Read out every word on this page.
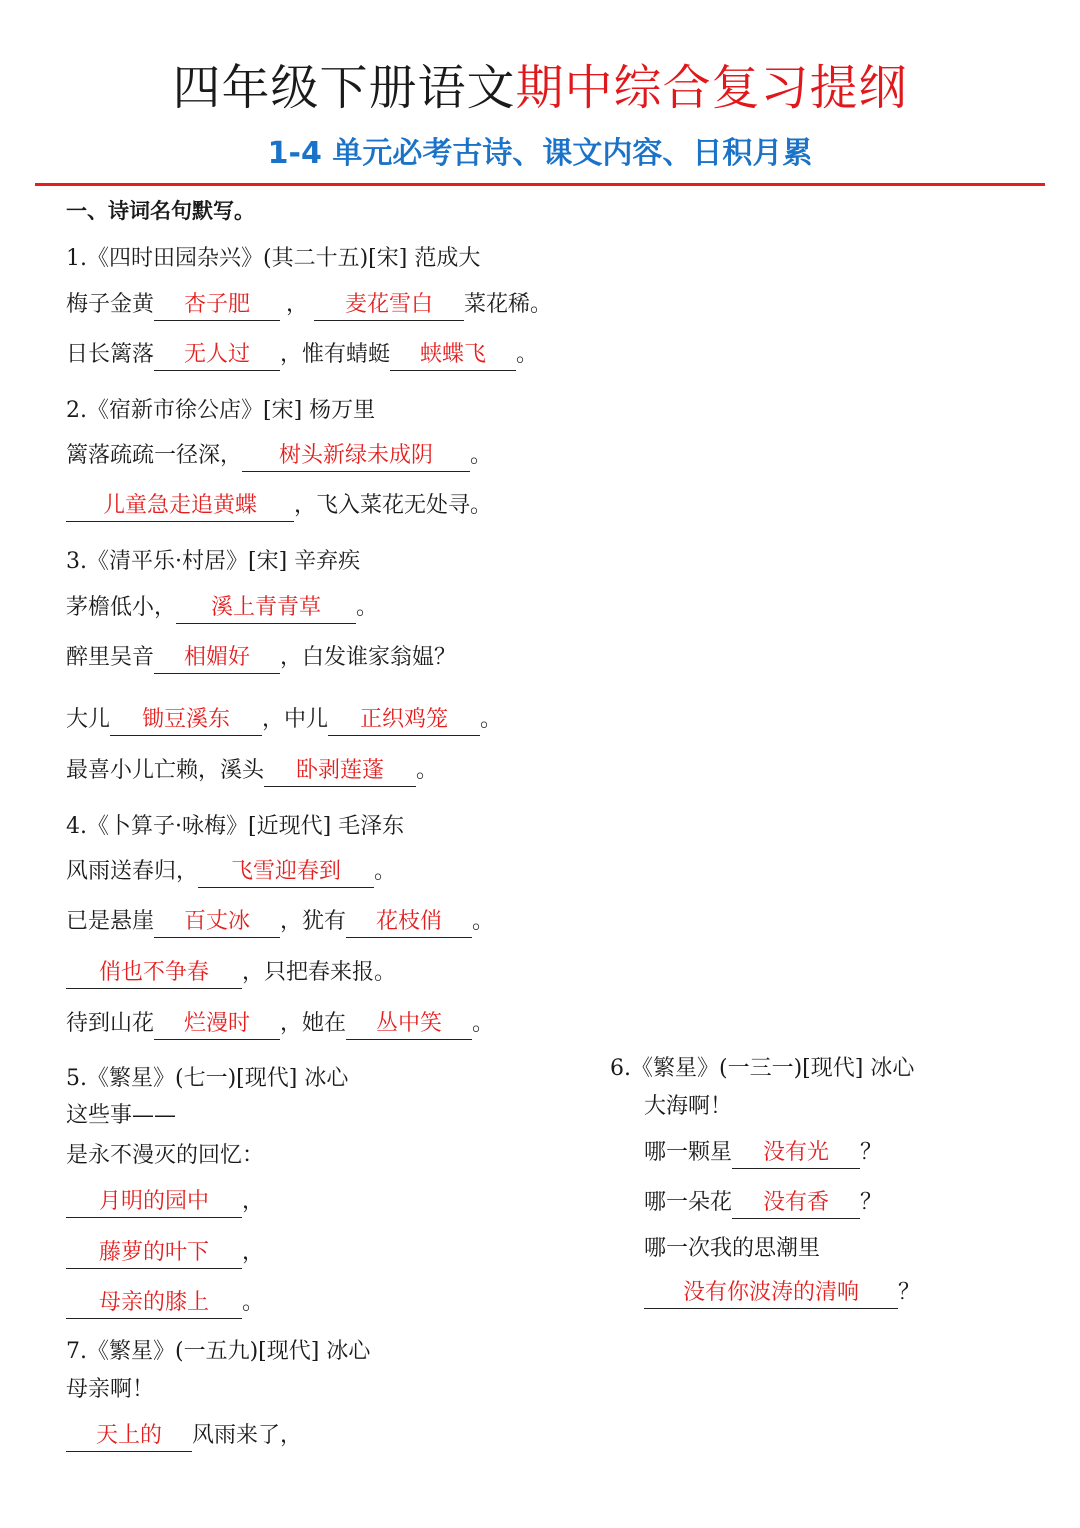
四年级下册语文期中综合复习提纲
1-4 单元必考古诗、课文内容、日积月累
一、诗词名句默写。
1.《四时田园杂兴》(其二十五)[宋] 范成大
梅子金黄 杏子肥 ， 麦花雪白 菜花稀。
日长篱落 无人过 ，惟有蜻蜓 蛱蝶飞 。
2.《宿新市徐公店》[宋] 杨万里
篱落疏疏一径深， 树头新绿未成阴 。
儿童急走追黄蝶 ，飞入菜花无处寻。
3.《清平乐·村居》[宋] 辛弃疾
茅檐低小， 溪上青青草 。
醉里吴音 相媚好 ，白发谁家翁媪？
大儿 锄豆溪东 ，中儿 正织鸡笼 。
最喜小儿亡赖，溪头 卧剥莲蓬 。
4.《卜算子·咏梅》[近现代] 毛泽东
风雨送春归， 飞雪迎春到 。
已是悬崖 百丈冰 ，犹有 花枝俏 。
俏也不争春 ，只把春来报。
待到山花 烂漫时 ，她在 丛中笑 。
5.《繁星》(七一)[现代] 冰心
这些事——
是永不漫灭的回忆：
月明的园中 ，
藤萝的叶下 ，
母亲的膝上 。
6.《繁星》(一三一)[现代] 冰心
大海啊！
哪一颗星 没有光 ？
哪一朵花 没有香 ？
哪一次我的思潮里
没有你波涛的清响 ？
7.《繁星》(一五九)[现代] 冰心
母亲啊！
天上的 风雨来了，
